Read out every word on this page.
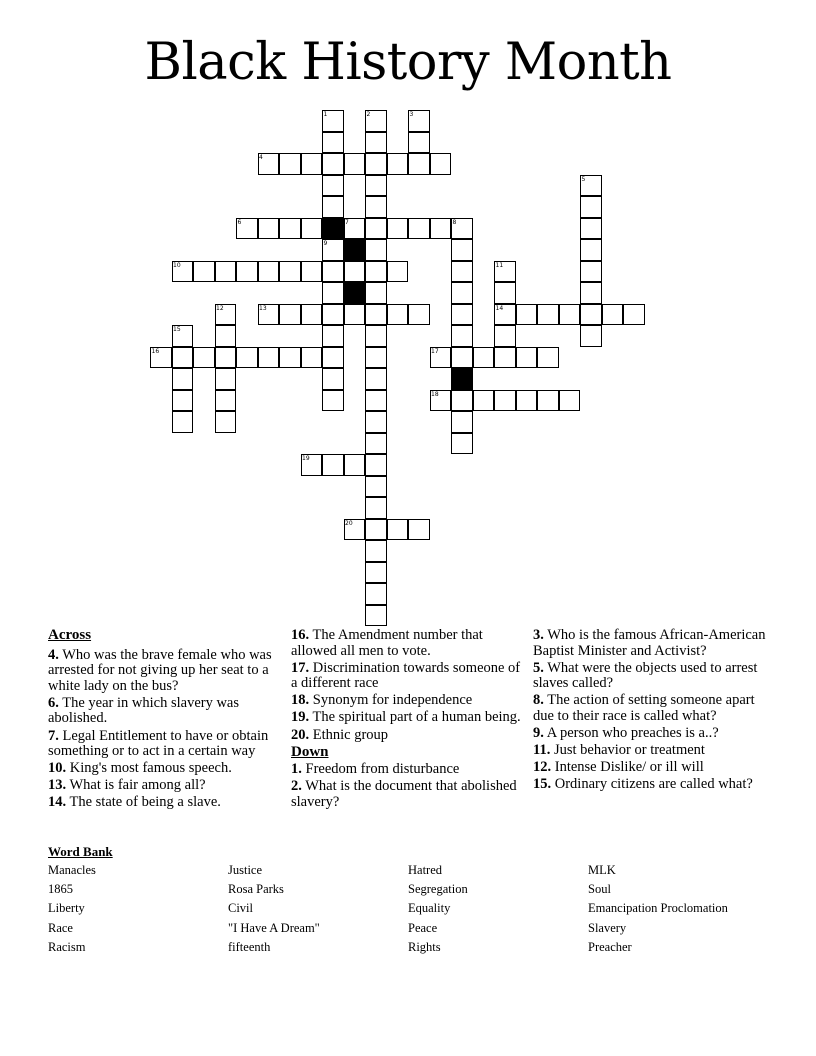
Black History Month
1	2	3
4
5
6	7	8
9
10	11
12	13	14
15
16	17
18
19
20
Across
4. Who was the brave female who was arrested for not giving up her seat to a white lady on the bus?
6. The year in which slavery was abolished.
7. Legal Entitlement to have or obtain something or to act in a certain way
10. King's most famous speech.
13. What is fair among all?
14. The state of being a slave.
16. The Amendment number that allowed all men to vote.
17. Discrimination towards someone of a different race
18. Synonym for independence
19. The spiritual part of a human being.
20. Ethnic group
Down
1. Freedom from disturbance
2. What is the document that abolished slavery?
3. Who is the famous African-American Baptist Minister and Activist?
5. What were the objects used to arrest slaves called?
8. The action of setting someone apart due to their race is called what?
9. A person who preaches is a..?
11. Just behavior or treatment
12. Intense Dislike/ or ill will
15. Ordinary citizens are called what?
Word Bank
Manacles
1865
Liberty
Race
Racism
Justice
Rosa Parks
Civil
"I Have A Dream"
fifteenth
Hatred
Segregation
Equality
Peace
Rights
MLK
Soul
Emancipation Proclomation
Slavery
Preacher
